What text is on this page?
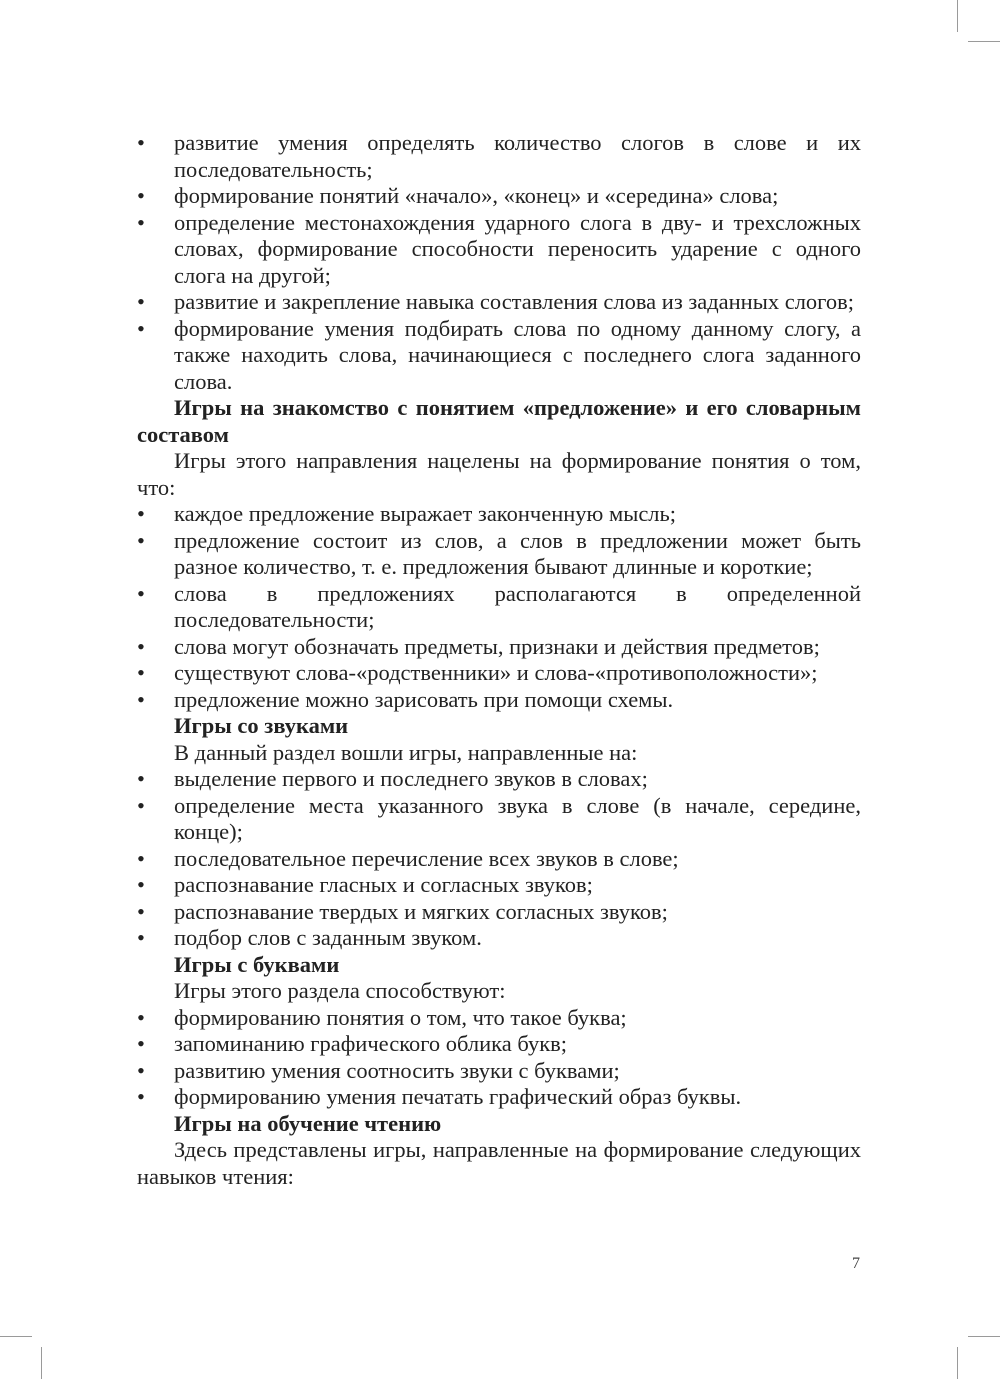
• развитие умения определять количество слогов в слове и их последовательность;

• формирование понятий «начало», «конец» и «середина» слова;

• определение местонахождения ударного слога в дву- и трехсложных словах, формирование способности переносить ударение с одного слога на другой;

• развитие и закрепление навыка составления слова из заданных слогов;

• формирование умения подбирать слова по одному данному слогу, а также находить слова, начинающиеся с последнего слога заданного слова.

Игры на знакомство с понятием «предложение» и его словарным составом

Игры этого направления нацелены на формирование понятия о том, что:

• каждое предложение выражает законченную мысль;

• предложение состоит из слов, а слов в предложении может быть разное количество, т. е. предложения бывают длинные и короткие;

• слова в предложениях располагаются в определенной последовательности;

• слова могут обозначать предметы, признаки и действия предметов;

• существуют слова-«родственники» и слова-«противоположности»;

• предложение можно зарисовать при помощи схемы.

Игры со звуками

В данный раздел вошли игры, направленные на:

• выделение первого и последнего звуков в словах;

• определение места указанного звука в слове (в начале, середине, конце);

• последовательное перечисление всех звуков в слове;

• распознавание гласных и согласных звуков;

• распознавание твердых и мягких согласных звуков;

• подбор слов с заданным звуком.

Игры с буквами

Игры этого раздела способствуют:

• формированию понятия о том, что такое буква;

• запоминанию графического облика букв;

• развитию умения соотносить звуки с буквами;

• формированию умения печатать графический образ буквы.

Игры на обучение чтению

Здесь представлены игры, направленные на формирование следующих навыков чтения:

7
